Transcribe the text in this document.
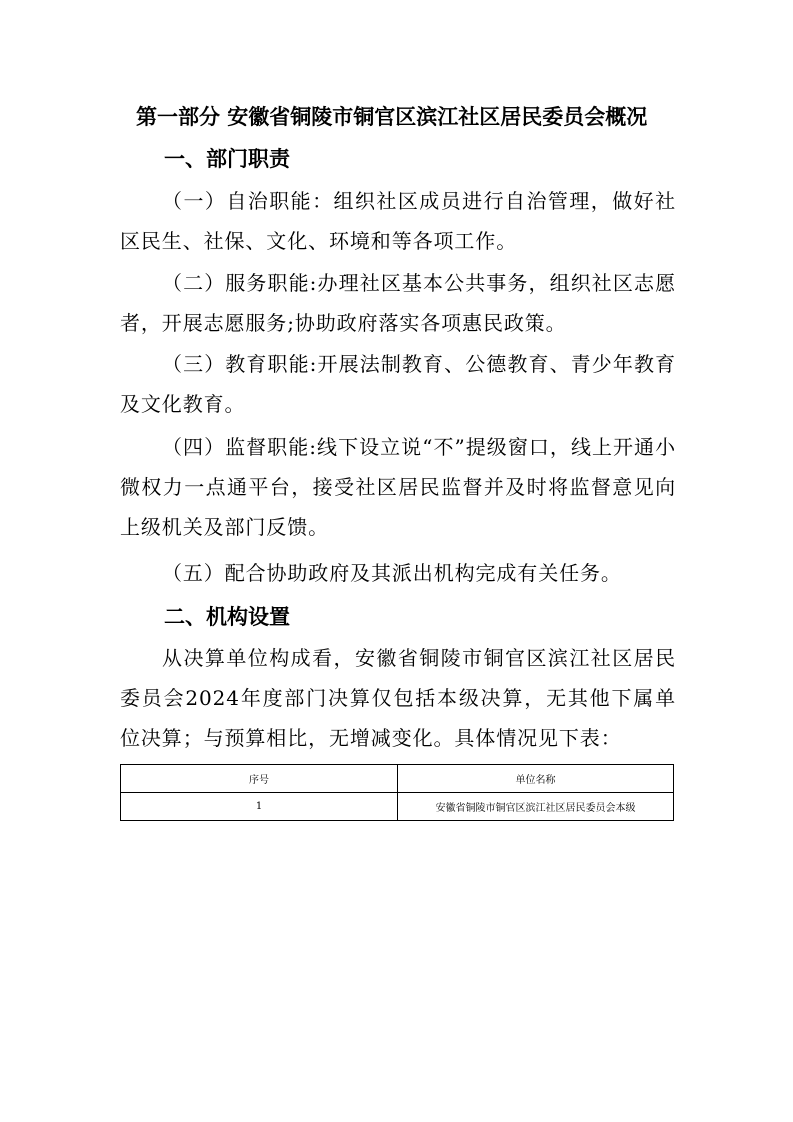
第一部分 安徽省铜陵市铜官区滨江社区居民委员会概况
一、部门职责

（一）自治职能：组织社区成员进行自治管理，做好社区民生、社保、文化、环境和等各项工作。

（二）服务职能:办理社区基本公共事务，组织社区志愿者，开展志愿服务;协助政府落实各项惠民政策。

（三）教育职能:开展法制教育、公德教育、青少年教育及文化教育。

（四）监督职能:线下设立说“不”提级窗口，线上开通小微权力一点通平台，接受社区居民监督并及时将监督意见向上级机关及部门反馈。

（五）配合协助政府及其派出机构完成有关任务。

二、机构设置

从决算单位构成看，安徽省铜陵市铜官区滨江社区居民委员会2024年度部门决算仅包括本级决算，无其他下属单位决算；与预算相比，无增减变化。具体情况见下表：

序号	单位名称
1	安徽省铜陵市铜官区滨江社区居民委员会本级
